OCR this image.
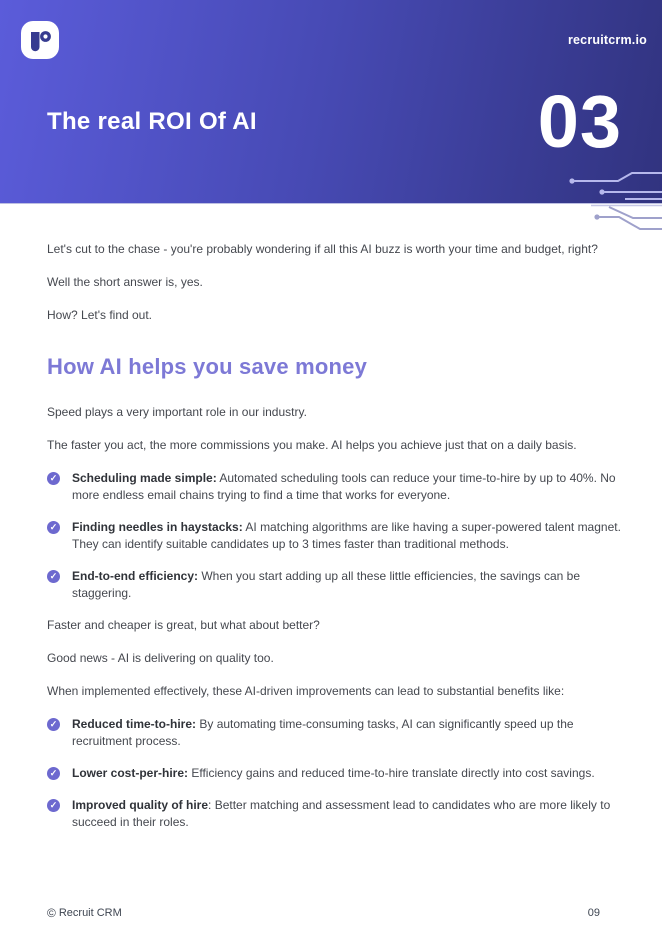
recruitcrm.io
The real ROI Of AI	03

Let's cut to the chase - you're probably wondering if all this AI buzz is worth your time and budget, right?

Well the short answer is, yes.

How? Let's find out.

How AI helps you save money

Speed plays a very important role in our industry.

The faster you act, the more commissions you make. AI helps you achieve just that on a daily basis.

✓ Scheduling made simple: Automated scheduling tools can reduce your time-to-hire by up to 40%. No more endless email chains trying to find a time that works for everyone.

✓ Finding needles in haystacks: AI matching algorithms are like having a super-powered talent magnet. They can identify suitable candidates up to 3 times faster than traditional methods.

✓ End-to-end efficiency: When you start adding up all these little efficiencies, the savings can be staggering.

Faster and cheaper is great, but what about better?

Good news - AI is delivering on quality too.

When implemented effectively, these AI-driven improvements can lead to substantial benefits like:

✓ Reduced time-to-hire: By automating time-consuming tasks, AI can significantly speed up the recruitment process.

✓ Lower cost-per-hire: Efficiency gains and reduced time-to-hire translate directly into cost savings.

✓ Improved quality of hire: Better matching and assessment lead to candidates who are more likely to succeed in their roles.

© Recruit CRM	09
